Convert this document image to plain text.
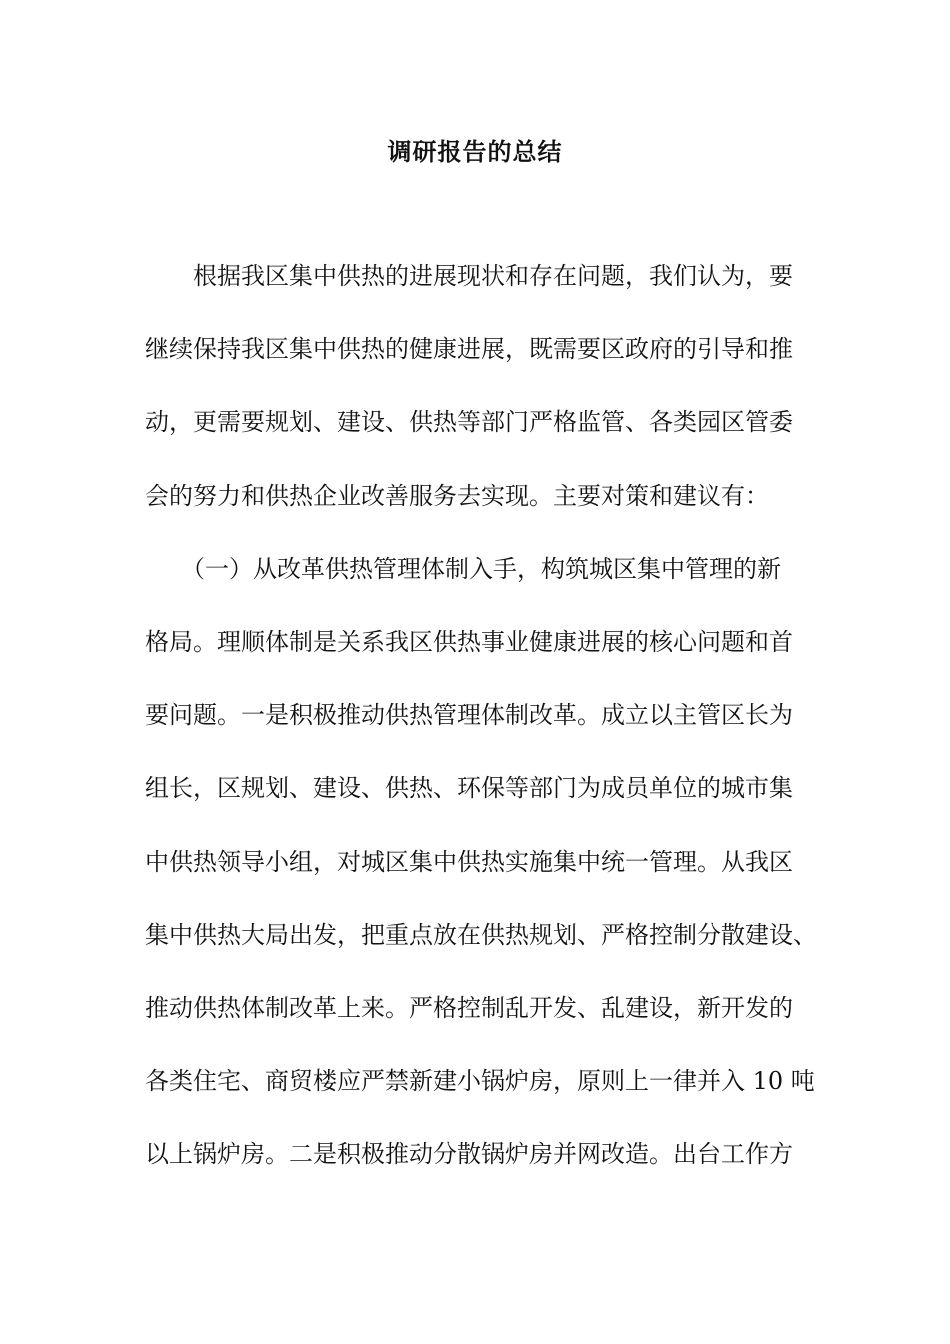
调研报告的总结
　　根据我区集中供热的进展现状和存在问题，我们认为，要
继续保持我区集中供热的健康进展，既需要区政府的引导和推
动，更需要规划、建设、供热等部门严格监管、各类园区管委
会的努力和供热企业改善服务去实现。主要对策和建议有：
　　（一）从改革供热管理体制入手，构筑城区集中管理的新
格局。理顺体制是关系我区供热事业健康进展的核心问题和首
要问题。一是积极推动供热管理体制改革。成立以主管区长为
组长，区规划、建设、供热、环保等部门为成员单位的城市集
中供热领导小组，对城区集中供热实施集中统一管理。从我区
集中供热大局出发，把重点放在供热规划、严格控制分散建设、
推动供热体制改革上来。严格控制乱开发、乱建设，新开发的
各类住宅、商贸楼应严禁新建小锅炉房，原则上一律并入 10 吨
以上锅炉房。二是积极推动分散锅炉房并网改造。出台工作方
